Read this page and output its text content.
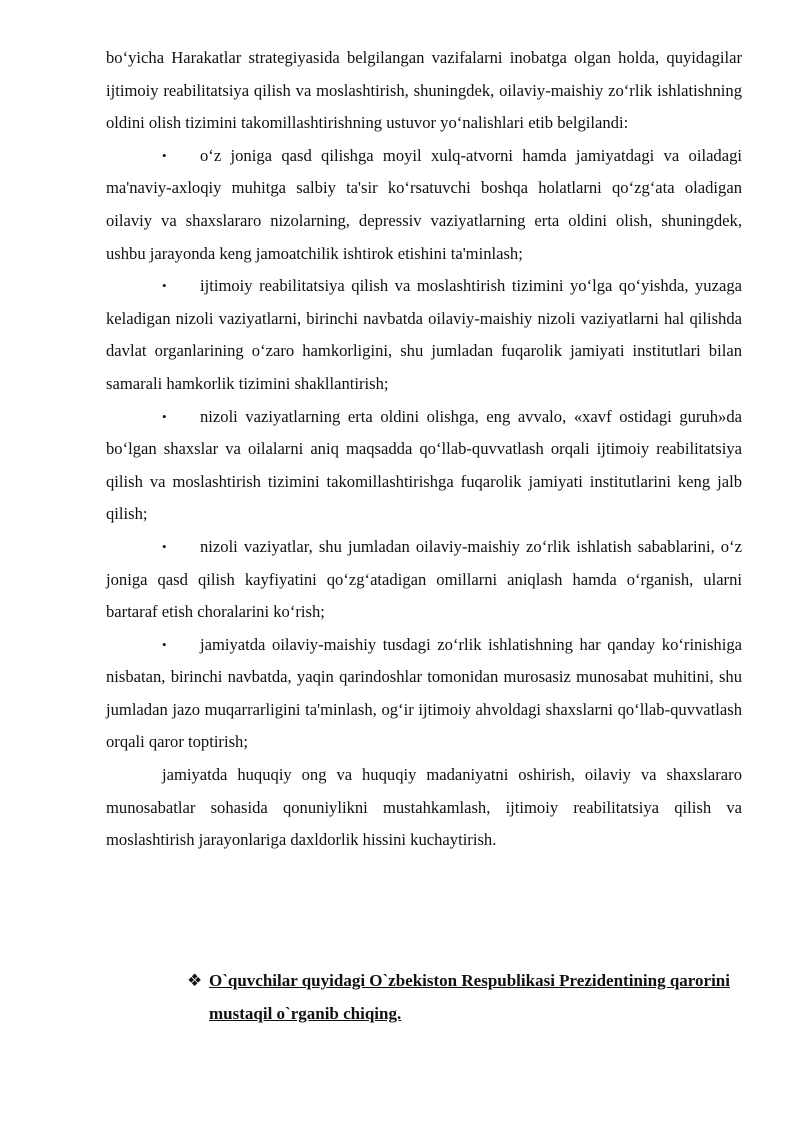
bo‘yicha Harakatlar strategiyasida belgilangan vazifalarni inobatga olgan holda, quyidagilar ijtimoiy reabilitatsiya qilish va moslashtirish, shuningdek, oilaviy-maishiy zo‘rlik ishlatishning oldini olish tizimini takomillashtirishning ustuvor yo‘nalishlari etib belgilandi:

• o‘z joniga qasd qilishga moyil xulq-atvorni hamda jamiyatdagi va oiladagi ma'naviy-axloqiy muhitga salbiy ta'sir ko‘rsatuvchi boshqa holatlarni qo‘zg‘ata oladigan oilaviy va shaxslararo nizolarning, depressiv vaziyatlarning erta oldini olish, shuningdek, ushbu jarayonda keng jamoatchilik ishtirok etishini ta'minlash;

• ijtimoiy reabilitatsiya qilish va moslashtirish tizimini yo‘lga qo‘yishda, yuzaga keladigan nizoli vaziyatlarni, birinchi navbatda oilaviy-maishiy nizoli vaziyatlarni hal qilishda davlat organlarining o‘zaro hamkorligini, shu jumladan fuqarolik jamiyati institutlari bilan samarali hamkorlik tizimini shakllantirish;

• nizoli vaziyatlarning erta oldini olishga, eng avvalo, «xavf ostidagi guruh»da bo‘lgan shaxslar va oilalarni aniq maqsadda qo‘llab-quvvatlash orqali ijtimoiy reabilitatsiya qilish va moslashtirish tizimini takomillashtirishga fuqarolik jamiyati institutlarini keng jalb qilish;

• nizoli vaziyatlar, shu jumladan oilaviy-maishiy zo‘rlik ishlatish sabablarini, o‘z joniga qasd qilish kayfiyatini qo‘zg‘atadigan omillarni aniqlash hamda o‘rganish, ularni bartaraf etish choralarini ko‘rish;

• jamiyatda oilaviy-maishiy tusdagi zo‘rlik ishlatishning har qanday ko‘rinishiga nisbatan, birinchi navbatda, yaqin qarindoshlar tomonidan murosasiz munosabat muhitini, shu jumladan jazo muqarrarligini ta'minlash, og‘ir ijtimoiy ahvoldagi shaxslarni qo‘llab-quvvatlash orqali qaror toptirish;

jamiyatda huquqiy ong va huquqiy madaniyatni oshirish, oilaviy va shaxslararo munosabatlar sohasida qonuniylikni mustahkamlash, ijtimoiy reabilitatsiya qilish va moslashtirish jarayonlariga daxldorlik hissini kuchaytirish.

❖ O`quvchilar quyidagi O`zbekiston Respublikasi Prezidentining qarorini mustaqil o`rganib chiqing.
